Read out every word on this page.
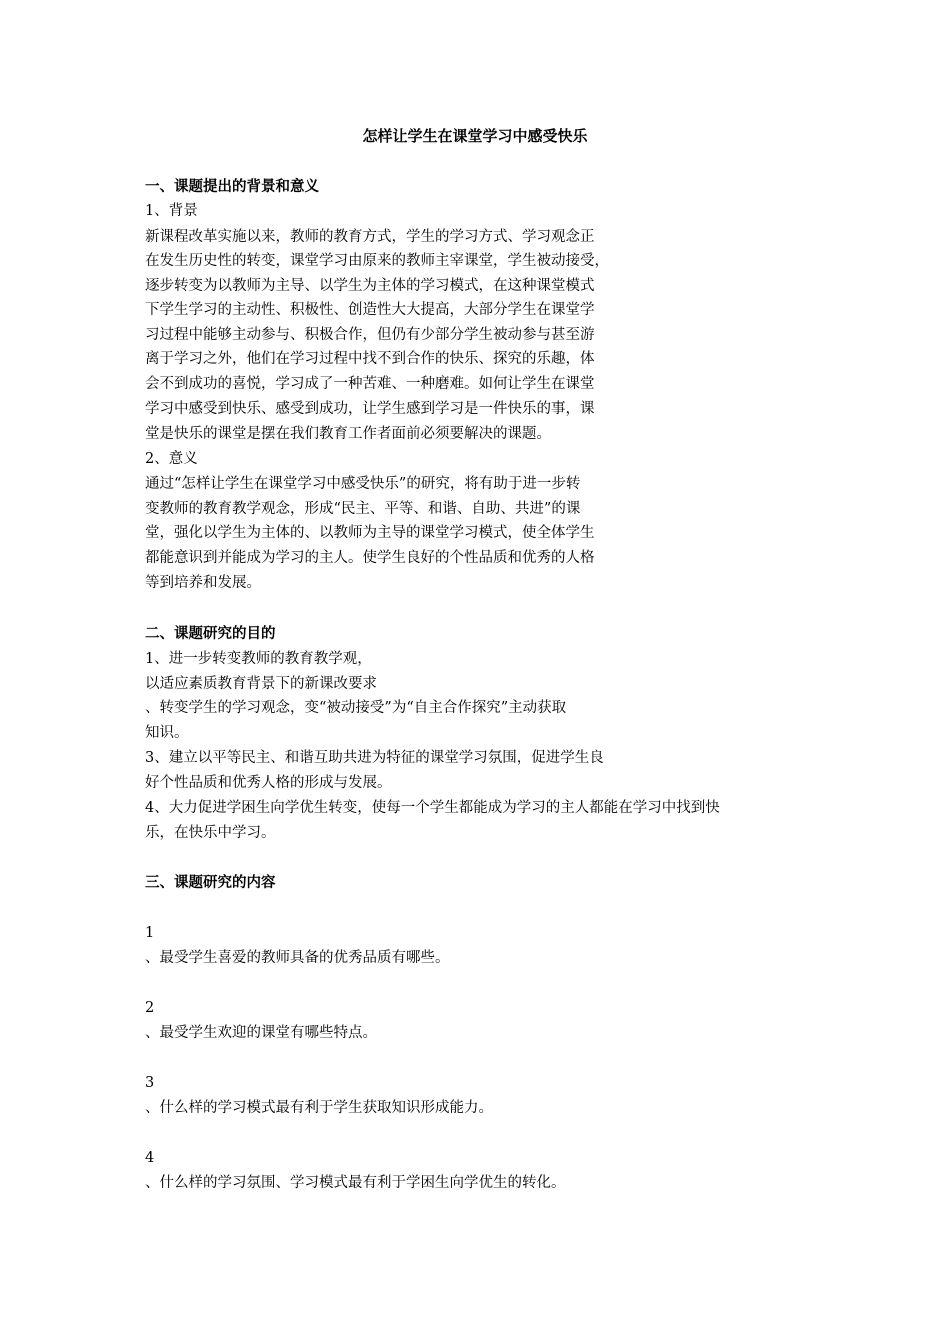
怎样让学生在课堂学习中感受快乐
一、课题提出的背景和意义
1、背景
新课程改革实施以来，教师的教育方式，学生的学习方式、学习观念正
在发生历史性的转变，课堂学习由原来的教师主宰课堂，学生被动接受，
逐步转变为以教师为主导、以学生为主体的学习模式，在这种课堂模式
下学生学习的主动性、积极性、创造性大大提高，大部分学生在课堂学
习过程中能够主动参与、积极合作，但仍有少部分学生被动参与甚至游
离于学习之外，他们在学习过程中找不到合作的快乐、探究的乐趣，体
会不到成功的喜悦，学习成了一种苦难、一种磨难。如何让学生在课堂
学习中感受到快乐、感受到成功，让学生感到学习是一件快乐的事，课
堂是快乐的课堂是摆在我们教育工作者面前必须要解决的课题。
2、意义
通过“怎样让学生在课堂学习中感受快乐”的研究，将有助于进一步转
变教师的教育教学观念，形成“民主、平等、和谐、自助、共进”的课
堂，强化以学生为主体的、以教师为主导的课堂学习模式，使全体学生
都能意识到并能成为学习的主人。使学生良好的个性品质和优秀的人格
等到培养和发展。
二、课题研究的目的
1、进一步转变教师的教育教学观，
以适应素质教育背景下的新课改要求
、转变学生的学习观念，变“被动接受”为“自主合作探究”主动获取
知识。
3、建立以平等民主、和谐互助共进为特征的课堂学习氛围，促进学生良
好个性品质和优秀人格的形成与发展。
4、大力促进学困生向学优生转变，使每一个学生都能成为学习的主人都能在学习中找到快
乐，在快乐中学习。
三、课题研究的内容
1
、最受学生喜爱的教师具备的优秀品质有哪些。
2
、最受学生欢迎的课堂有哪些特点。
3
、什么样的学习模式最有利于学生获取知识形成能力。
4
、什么样的学习氛围、学习模式最有利于学困生向学优生的转化。
